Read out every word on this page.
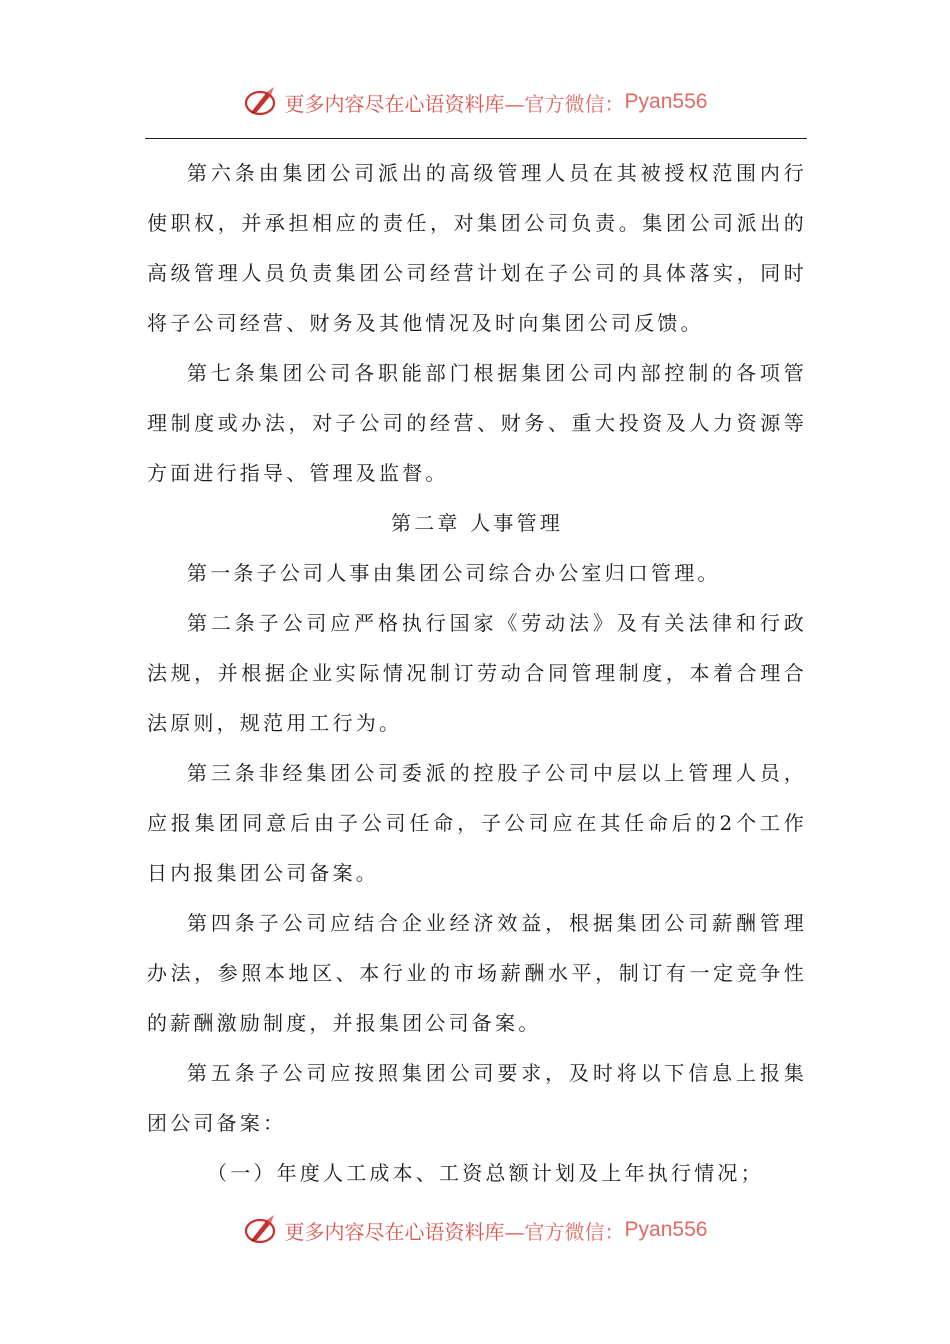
更多内容尽在心语资料库— 官方微信： Pyan556

第六条由集团公司派出的高级管理人员在其被授权范围内行使职权，并承担相应的责任，对集团公司负责。集团公司派出的高级管理人员负责集团公司经营计划在子公司的具体落实，同时将子公司经营、财务及其他情况及时向集团公司反馈。

第七条集团公司各职能部门根据集团公司内部控制的各项管理制度或办法，对子公司的经营、财务、重大投资及人力资源等方面进行指导、管理及监督。

第二章 人事管理

第一条子公司人事由集团公司综合办公室归口管理。

第二条子公司应严格执行国家《劳动法》及有关法律和行政法规，并根据企业实际情况制订劳动合同管理制度，本着合理合法原则，规范用工行为。

第三条非经集团公司委派的控股子公司中层以上管理人员，应报集团同意后由子公司任命，子公司应在其任命后的2个工作日内报集团公司备案。

第四条子公司应结合企业经济效益，根据集团公司薪酬管理办法，参照本地区、本行业的市场薪酬水平，制订有一定竞争性的薪酬激励制度，并报集团公司备案。

第五条子公司应按照集团公司要求，及时将以下信息上报集团公司备案：

（一）年度人工成本、工资总额计划及上年执行情况；

更多内容尽在心语资料库— 官方微信： Pyan556
